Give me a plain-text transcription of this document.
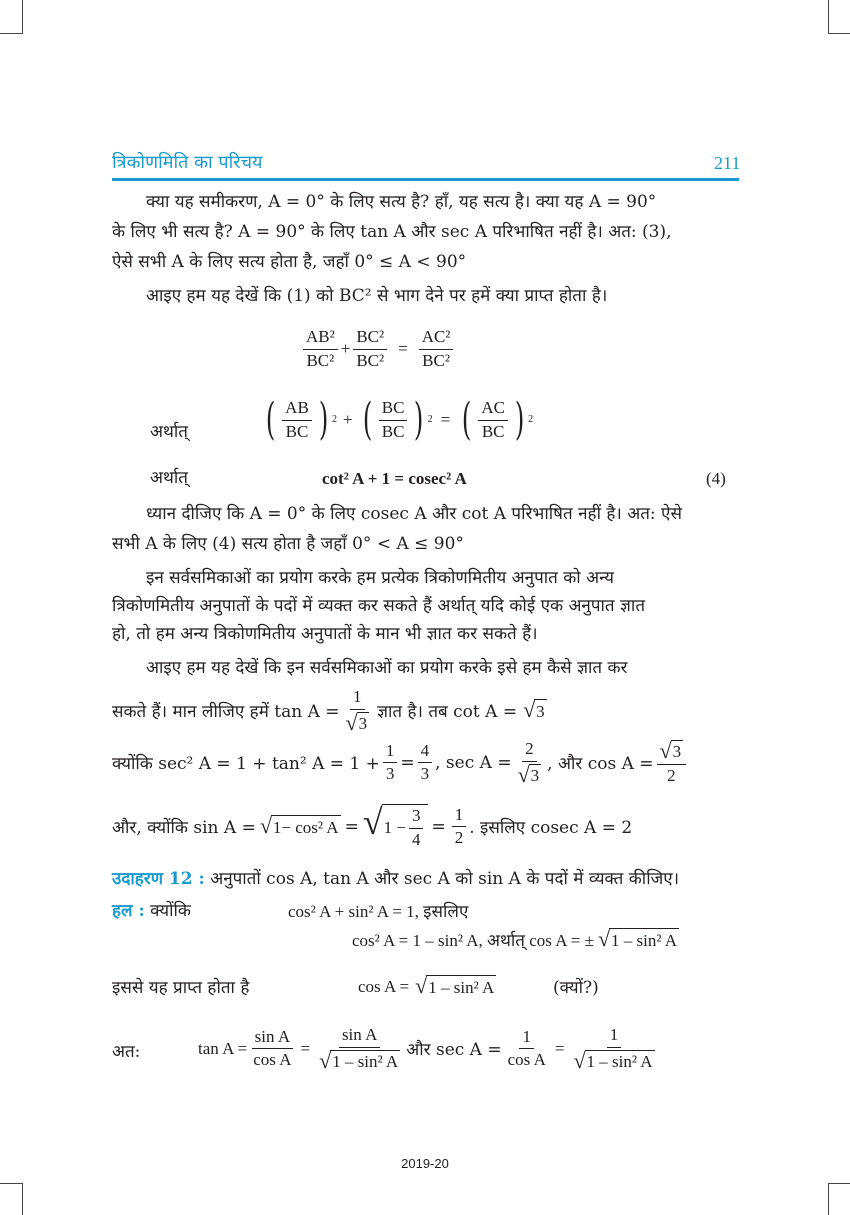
त्रिकोणमिति का परिचय	211
क्या यह समीकरण, A = 0° के लिए सत्य है? हाँ, यह सत्य है। क्या यह A = 90°
के लिए भी सत्य है? A = 90° के लिए tan A और sec A परिभाषित नहीं है। अत: (3),
ऐसे सभी A के लिए सत्य होता है, जहाँ 0° ≤ A < 90°
आइए हम यह देखें कि (1) को BC² से भाग देने पर हमें क्या प्राप्त होता है।
$\frac{\text{AB²}}{\text{BC²}} + \frac{\text{BC²}}{\text{BC²}} = \frac{\text{AC²}}{\text{BC²}}$
अर्थात् ( $\frac{AB}{BC}$ ) 2 + ( $\frac{BC}{BC}$ ) 2 = ( $\frac{AC}{BC}$ ) 2
अर्थात्	cot² A + 1 = cosec² A	(4)
ध्यान दीजिए कि A = 0° के लिए cosec A और cot A परिभाषित नहीं है। अत: ऐसे
सभी A के लिए (4) सत्य होता है जहाँ 0° < A ≤ 90°
इन सर्वसमिकाओं का प्रयोग करके हम प्रत्येक त्रिकोणमितीय अनुपात को अन्य
त्रिकोणमितीय अनुपातों के पदों में व्यक्त कर सकते हैं अर्थात् यदि कोई एक अनुपात ज्ञात
हो, तो हम अन्य त्रिकोणमितीय अनुपातों के मान भी ज्ञात कर सकते हैं।
आइए हम यह देखें कि इन सर्वसमिकाओं का प्रयोग करके इसे हम कैसे ज्ञात कर
सकते हैं। मान लीजिए हमें $\tan A = \frac{1}{√ 3}$ ज्ञात है। तब cot A = √ 3
क्योंकि sec² A = 1 + tan² $A = 1 + \frac{1}{3} = \frac{4}{3}$ , $\sec A = \frac{2}{√ 3}$ , और $\cos A = \frac{√ 3}{2}$
और, क्योंकि sin A = √ 1− cos² A = √ $1 - \frac{3}{4} = \frac{1}{2}$ . इसलिए cosec A = 2
उदाहरण 12 : अनुपातों cos A, tan A और sec A को sin A के पदों में व्यक्त कीजिए।
हल : क्योंकि	cos² A + sin² A = 1, इसलिए
cos² A = 1 – sin² A, अर्थात् cos A = ± √ 1 – sin² A
इससे यह प्राप्त होता है	cos A = √ 1 – sin² A	(क्यों?)
अत:	$\tan A = \frac{\text{sin A}}{\text{cos A}} = \frac{\text{sin A}}{\text{√ 1 – sin² A}}$ और $\sec A = \frac{1}{\text{cos A}} = \frac{1}{\text{√ 1 – sin² A}}$
2019-20
